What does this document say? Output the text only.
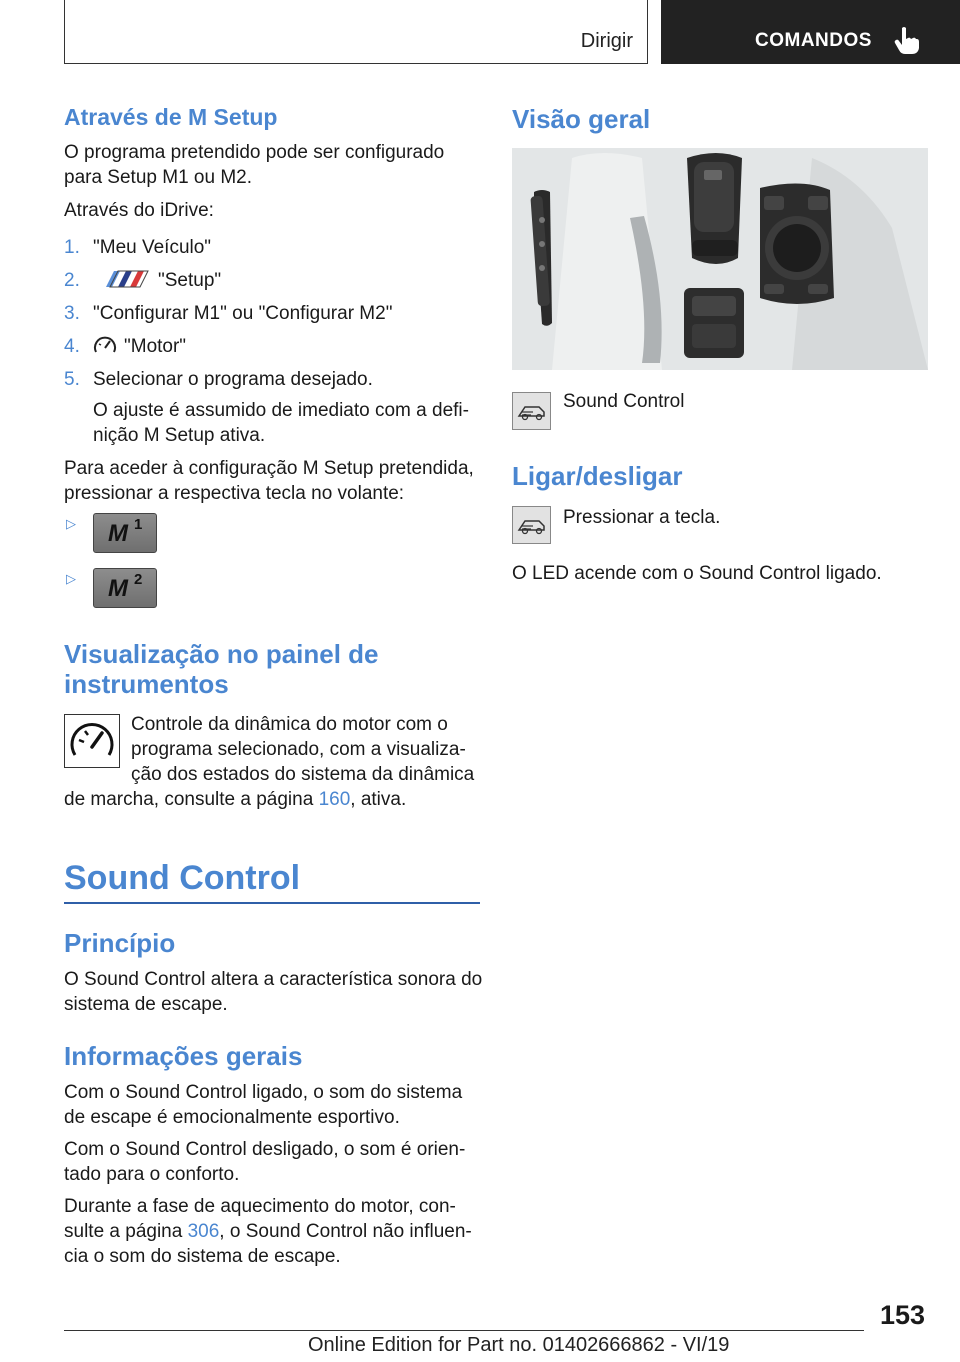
Dirigir	COMANDOS
Através de M Setup

O programa pretendido pode ser configurado para Setup M1 ou M2.

Através do iDrive:

1. "Meu Veículo"
2.	"Setup"
3. "Configurar M1" ou "Configurar M2"
4. "Motor"
5. Selecionar o programa desejado.

O ajuste é assumido de imediato com a defi-

nição M Setup ativa.

Para aceder à configuração M Setup pretendida,

pressionar a respectiva tecla no volante:

▷ M 1
▷ M 2
Visualização no painel de
instrumentos

Controle da dinâmica do motor com o

programa selecionado, com a visualiza-

ção dos estados do sistema da dinâmica

de marcha, consulte a página 160, ativa.

Sound Control
Princípio

O Sound Control altera a característica sonora do

sistema de escape.

Informações gerais

Com o Sound Control ligado, o som do sistema

de escape é emocionalmente esportivo.

Com o Sound Control desligado, o som é orien-

tado para o conforto.

Durante a fase de aquecimento do motor, con-

sulte a página 306, o Sound Control não influen-

cia o som do sistema de escape.

Visão geral

Sound Control

Ligar/desligar

Pressionar a tecla.

O LED acende com o Sound Control ligado.

153
Online Edition for Part no. 01402666862 - VI/19
